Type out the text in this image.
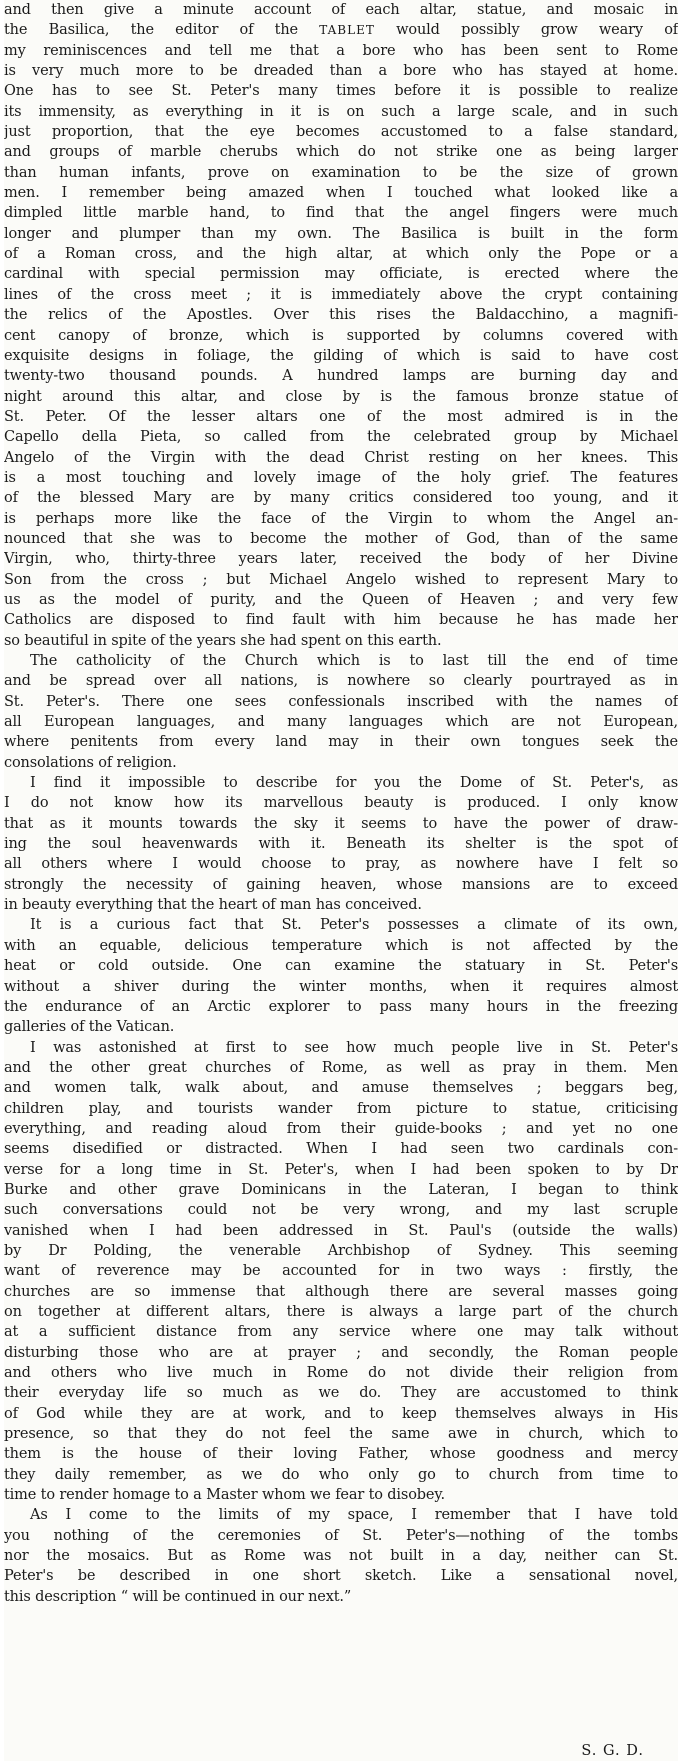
and then give a minute account of each altar, statue, and mosaic in
the Basilica, the editor of the TABLET would possibly grow weary of
my reminiscences and tell me that a bore who has been sent to Rome
is very much more to be dreaded than a bore who has stayed at home.
One has to see St. Peter's many times before it is possible to realize
its immensity, as everything in it is on such a large scale, and in such
just proportion, that the eye becomes accustomed to a false standard,
and groups of marble cherubs which do not strike one as being larger
than human infants, prove on examination to be the size of grown
men. I remember being amazed when I touched what looked like a
dimpled little marble hand, to find that the angel fingers were much
longer and plumper than my own. The Basilica is built in the form
of a Roman cross, and the high altar, at which only the Pope or a
cardinal with special permission may officiate, is erected where the
lines of the cross meet ; it is immediately above the crypt containing
the relics of the Apostles. Over this rises the Baldacchino, a magnifi-
cent canopy of bronze, which is supported by columns covered with
exquisite designs in foliage, the gilding of which is said to have cost
twenty-two thousand pounds. A hundred lamps are burning day and
night around this altar, and close by is the famous bronze statue of
St. Peter. Of the lesser altars one of the most admired is in the
Capello della Pieta, so called from the celebrated group by Michael
Angelo of the Virgin with the dead Christ resting on her knees. This
is a most touching and lovely image of the holy grief. The features
of the blessed Mary are by many critics considered too young, and it
is perhaps more like the face of the Virgin to whom the Angel an-
nounced that she was to become the mother of God, than of the same
Virgin, who, thirty-three years later, received the body of her Divine
Son from the cross ; but Michael Angelo wished to represent Mary to
us as the model of purity, and the Queen of Heaven ; and very few
Catholics are disposed to find fault with him because he has made her
so beautiful in spite of the years she had spent on this earth.
The catholicity of the Church which is to last till the end of time
and be spread over all nations, is nowhere so clearly pourtrayed as in
St. Peter's. There one sees confessionals inscribed with the names of
all European languages, and many languages which are not European,
where penitents from every land may in their own tongues seek the
consolations of religion.
I find it impossible to describe for you the Dome of St. Peter's, as
I do not know how its marvellous beauty is produced. I only know
that as it mounts towards the sky it seems to have the power of draw-
ing the soul heavenwards with it. Beneath its shelter is the spot of
all others where I would choose to pray, as nowhere have I felt so
strongly the necessity of gaining heaven, whose mansions are to exceed
in beauty everything that the heart of man has conceived.
It is a curious fact that St. Peter's possesses a climate of its own,
with an equable, delicious temperature which is not affected by the
heat or cold outside. One can examine the statuary in St. Peter's
without a shiver during the winter months, when it requires almost
the endurance of an Arctic explorer to pass many hours in the freezing
galleries of the Vatican.
I was astonished at first to see how much people live in St. Peter's
and the other great churches of Rome, as well as pray in them. Men
and women talk, walk about, and amuse themselves ; beggars beg,
children play, and tourists wander from picture to statue, criticising
everything, and reading aloud from their guide-books ; and yet no one
seems disedified or distracted. When I had seen two cardinals con-
verse for a long time in St. Peter's, when I had been spoken to by Dr
Burke and other grave Dominicans in the Lateran, I began to think
such conversations could not be very wrong, and my last scruple
vanished when I had been addressed in St. Paul's (outside the walls)
by Dr Polding, the venerable Archbishop of Sydney. This seeming
want of reverence may be accounted for in two ways : firstly, the
churches are so immense that although there are several masses going
on together at different altars, there is always a large part of the church
at a sufficient distance from any service where one may talk without
disturbing those who are at prayer ; and secondly, the Roman people
and others who live much in Rome do not divide their religion from
their everyday life so much as we do. They are accustomed to think
of God while they are at work, and to keep themselves always in His
presence, so that they do not feel the same awe in church, which to
them is the house of their loving Father, whose goodness and mercy
they daily remember, as we do who only go to church from time to
time to render homage to a Master whom we fear to disobey.
As I come to the limits of my space, I remember that I have told
you nothing of the ceremonies of St. Peter's—nothing of the tombs
nor the mosaics. But as Rome was not built in a day, neither can St.
Peter's be described in one short sketch. Like a sensational novel,
this description “ will be continued in our next.”
S. G. D.
